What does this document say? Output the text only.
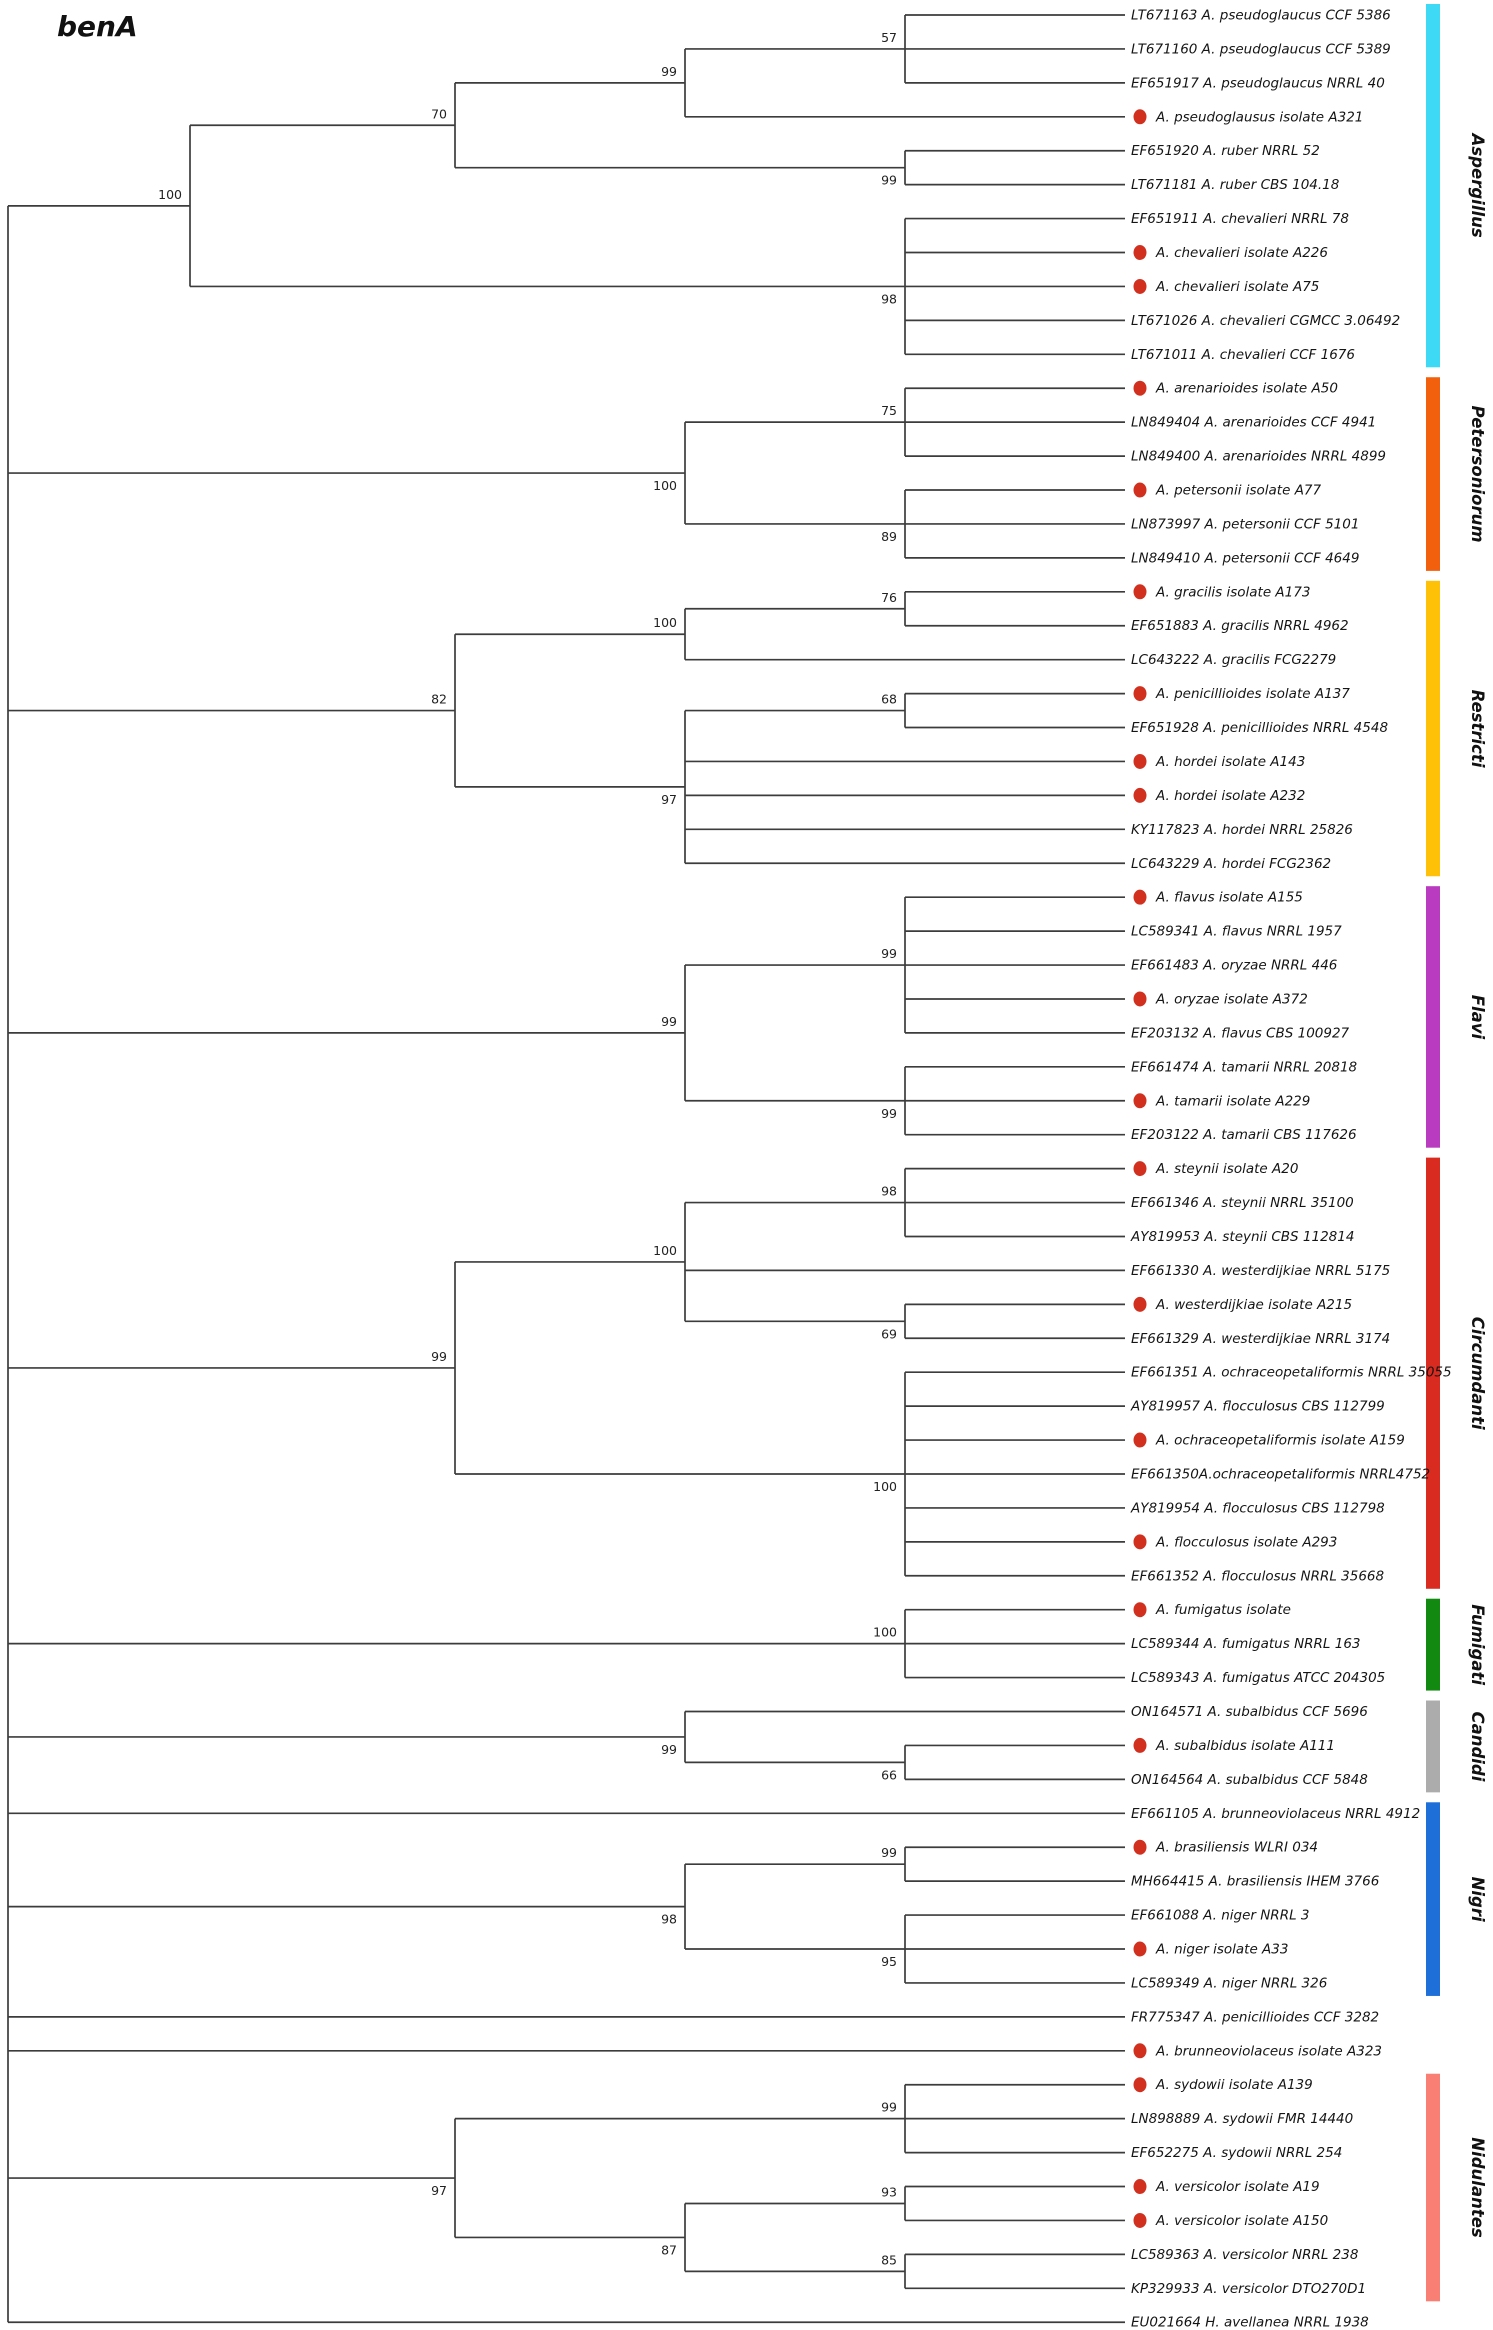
benA
Aspergillus
Petersoniorum
Restricti
Flavi
Circumdanti
Fumigati
Candidi
Nigri
Nidulantes
LT671163 A. pseudoglaucus CCF 5386
LT671160 A. pseudoglaucus CCF 5389
EF651917 A. pseudoglaucus NRRL 40
57
A. pseudoglausus isolate A321
99
EF651920 A. ruber NRRL 52
LT671181 A. ruber CBS 104.18
99
70
EF651911 A. chevalieri NRRL 78
A. chevalieri isolate A226
A. chevalieri isolate A75
LT671026 A. chevalieri CGMCC 3.06492
LT671011 A. chevalieri CCF 1676
98
100
A. arenarioides isolate A50
LN849404 A. arenarioides CCF 4941
LN849400 A. arenarioides NRRL 4899
75
A. petersonii isolate A77
LN873997 A. petersonii CCF 5101
LN849410 A. petersonii CCF 4649
89
100
A. gracilis isolate A173
EF651883 A. gracilis NRRL 4962
76
LC643222 A. gracilis FCG2279
100
A. penicillioides isolate A137
EF651928 A. penicillioides NRRL 4548
68
A. hordei isolate A143
A. hordei isolate A232
KY117823 A. hordei NRRL 25826
LC643229 A. hordei FCG2362
97
82
A. flavus isolate A155
LC589341 A. flavus NRRL 1957
EF661483 A. oryzae NRRL 446
A. oryzae isolate A372
EF203132 A. flavus CBS 100927
99
EF661474 A. tamarii NRRL 20818
A. tamarii isolate A229
EF203122 A. tamarii CBS 117626
99
99
A. steynii isolate A20
EF661346 A. steynii NRRL 35100
AY819953 A. steynii CBS 112814
98
EF661330 A. westerdijkiae NRRL 5175
A. westerdijkiae isolate A215
EF661329 A. westerdijkiae NRRL 3174
69
100
EF661351 A. ochraceopetaliformis NRRL 35055
AY819957 A. flocculosus CBS 112799
A. ochraceopetaliformis isolate A159
EF661350A.ochraceopetaliformis NRRL4752
AY819954 A. flocculosus CBS 112798
A. flocculosus isolate A293
EF661352 A. flocculosus NRRL 35668
100
99
A. fumigatus isolate
LC589344 A. fumigatus NRRL 163
LC589343 A. fumigatus ATCC 204305
100
ON164571 A. subalbidus CCF 5696
A. subalbidus isolate A111
ON164564 A. subalbidus CCF 5848
66
99
EF661105 A. brunneoviolaceus NRRL 4912
A. brasiliensis WLRI 034
MH664415 A. brasiliensis IHEM 3766
99
EF661088 A. niger NRRL 3
A. niger isolate A33
LC589349 A. niger NRRL 326
95
98
FR775347 A. penicillioides CCF 3282
A. brunneoviolaceus isolate A323
A. sydowii isolate A139
LN898889 A. sydowii FMR 14440
EF652275 A. sydowii NRRL 254
99
A. versicolor isolate A19
A. versicolor isolate A150
93
LC589363 A. versicolor NRRL 238
KP329933 A. versicolor DTO270D1
85
87
97
EU021664 H. avellanea NRRL 1938
